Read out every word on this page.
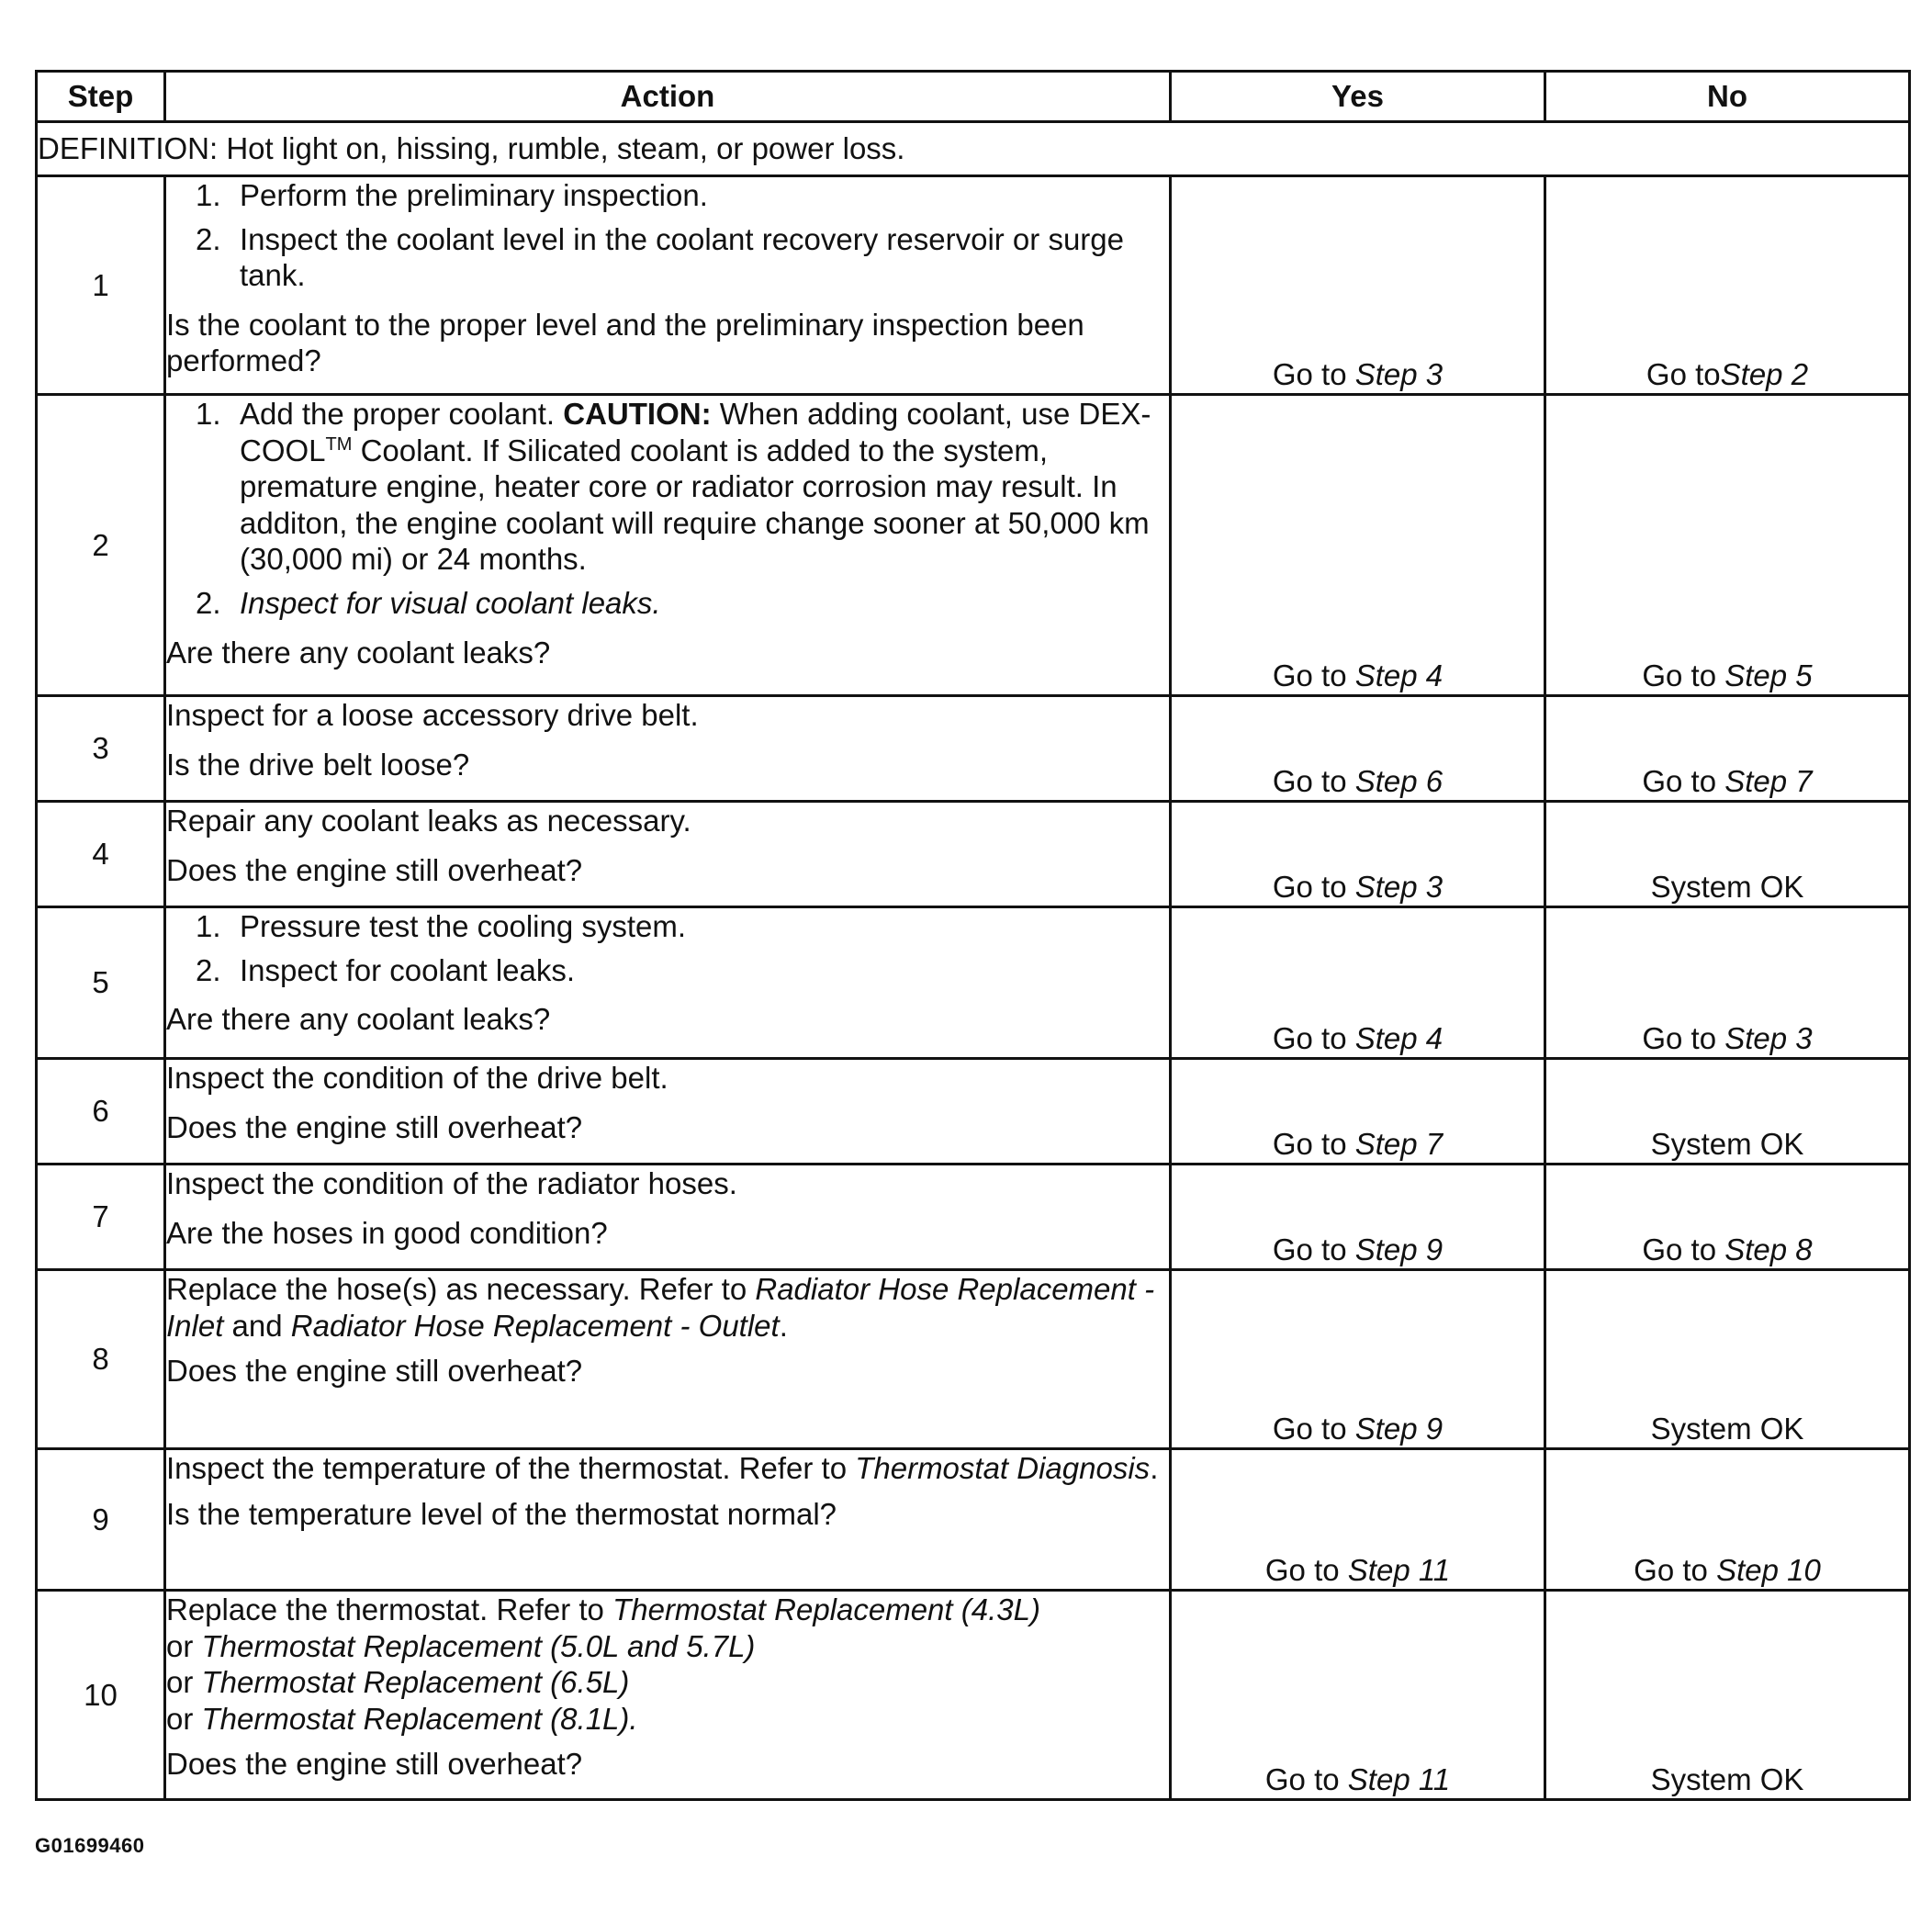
Step	Action	Yes	No
DEFINITION: Hot light on, hissing, rumble, steam, or power loss.			
1	1. Perform the preliminary inspection.
2. Inspect the coolant level in the coolant recovery reservoir or surge tank.
Is the coolant to the proper level and the preliminary inspection been performed?	Go to Step 3	Go toStep 2
2	1. Add the proper coolant. CAUTION: When adding coolant, use DEX-COOL™ Coolant. If Silicated coolant is added to the system, premature engine, heater core or radiator corrosion may result. In additon, the engine coolant will require change sooner at 50,000 km (30,000 mi) or 24 months.
2. Inspect for visual coolant leaks.
Are there any coolant leaks?	Go to Step 4	Go to Step 5
3	Inspect for a loose accessory drive belt.
Is the drive belt loose?	Go to Step 6	Go to Step 7
4	Repair any coolant leaks as necessary.
Does the engine still overheat?	Go to Step 3	System OK
5	1. Pressure test the cooling system.
2. Inspect for coolant leaks.
Are there any coolant leaks?	Go to Step 4	Go to Step 3
6	Inspect the condition of the drive belt.
Does the engine still overheat?	Go to Step 7	System OK
7	Inspect the condition of the radiator hoses.
Are the hoses in good condition?	Go to Step 9	Go to Step 8
8	Replace the hose(s) as necessary. Refer to Radiator Hose Replacement - Inlet and Radiator Hose Replacement - Outlet.
Does the engine still overheat?	Go to Step 9	System OK
9	Inspect the temperature of the thermostat. Refer to Thermostat Diagnosis.
Is the temperature level of the thermostat normal?	Go to Step 11	Go to Step 10
10	Replace the thermostat. Refer to Thermostat Replacement (4.3L)
or Thermostat Replacement (5.0L and 5.7L)
or Thermostat Replacement (6.5L)
or Thermostat Replacement (8.1L).
Does the engine still overheat?	Go to Step 11	System OK
G01699460
